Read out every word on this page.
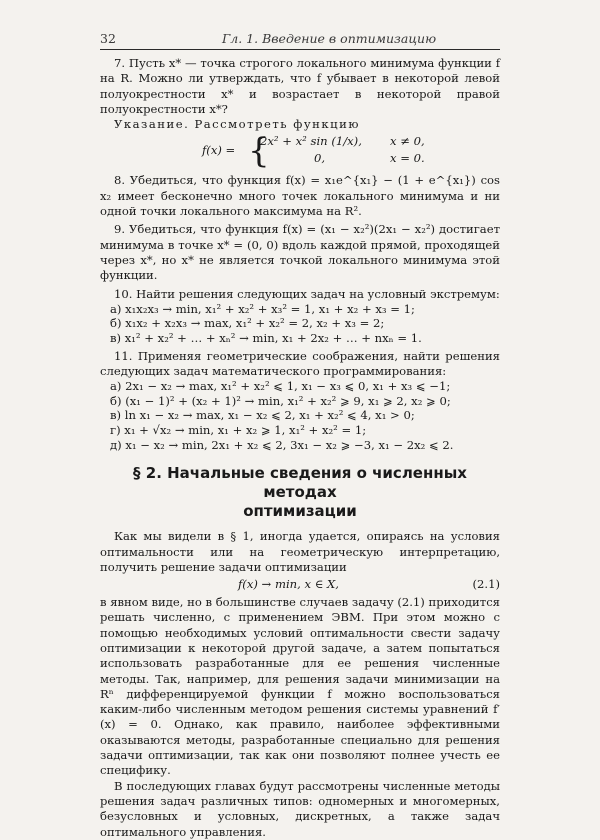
32	Гл. 1. Введение в оптимизацию

7. Пусть x* — точка строгого локального минимума функции f на R. Можно ли утверждать, что f убывает в некоторой левой полуокрестности x* и возрастает в некоторой правой полуокрестности x*?

Указание. Рассмотреть функцию

f(x) = {
2x² + x² sin (1/x),
0,
x ≠ 0,
x = 0.

8. Убедиться, что функция f(x) = x₁e^{x₁} − (1 + e^{x₁}) cos x₂ имеет бесконечно много точек локального минимума и ни одной точки локального максимума на R².

9. Убедиться, что функция f(x) = (x₁ − x₂²)(2x₁ − x₂²) достигает минимума в точке x* = (0, 0) вдоль каждой прямой, проходящей через x*, но x* не является точкой локального минимума этой функции.

10. Найти решения следующих задач на условный экстремум:

а) x₁x₂x₃ → min, x₁² + x₂² + x₃² = 1, x₁ + x₂ + x₃ = 1;
б) x₁x₂ + x₂x₃ → max, x₁² + x₂² = 2, x₂ + x₃ = 2;
в) x₁² + x₂² + … + xₙ² → min, x₁ + 2x₂ + … + nxₙ = 1.

11. Применяя геометрические соображения, найти решения следующих задач математического программирования:

а) 2x₁ − x₂ → max, x₁² + x₂² ⩽ 1, x₁ − x₃ ⩽ 0, x₁ + x₃ ⩽ −1;
б) (x₁ − 1)² + (x₂ + 1)² → min, x₁² + x₂² ⩾ 9, x₁ ⩾ 2, x₂ ⩾ 0;
в) ln x₁ − x₂ → max, x₁ − x₂ ⩽ 2, x₁ + x₂² ⩽ 4, x₁ > 0;
г) x₁ + √x₂ → min, x₁ + x₂ ⩾ 1, x₁² + x₂² = 1;
д) x₁ − x₂ → min, 2x₁ + x₂ ⩽ 2, 3x₁ − x₂ ⩾ −3, x₁ − 2x₂ ⩽ 2.
§ 2. Начальные сведения о численных методах
оптимизации

Как мы видели в § 1, иногда удается, опираясь на условия оптимальности или на геометрическую интерпретацию, получить решение задачи оптимизации

f(x) → min, x ∈ X,	(2.1)

в явном виде, но в большинстве случаев задачу (2.1) приходится решать численно, с применением ЭВМ. При этом можно с помощью необходимых условий оптимальности свести задачу оптимизации к некоторой другой задаче, а затем попытаться использовать разработанные для ее решения численные методы. Так, например, для решения задачи минимизации на Rⁿ дифференцируемой функции f можно воспользоваться каким-либо численным методом решения системы уравнений f′(x) = 0. Однако, как правило, наиболее эффективными оказываются методы, разработанные специально для решения задачи оптимизации, так как они позволяют полнее учесть ее специфику.

В последующих главах будут рассмотрены численные методы решения задач различных типов: одномерных и многомерных, безусловных и условных, дискретных, а также задач оптимального управления.
